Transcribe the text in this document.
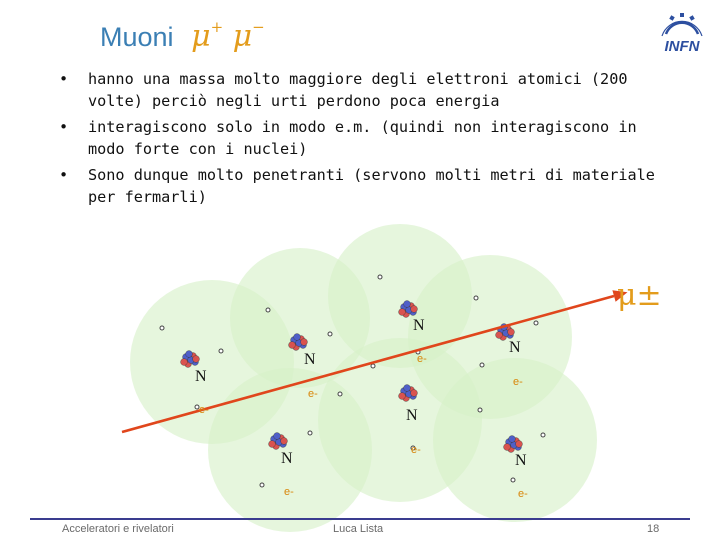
Muoni μ+ μ−
INFN
• hanno una massa molto maggiore degli elettroni atomici (200 volte) perciò negli urti perdono poca energia
• interagiscono solo in modo e.m. (quindi non interagiscono in modo forte con i nuclei)
• Sono dunque molto penetranti (servono molti metri di materiale per fermarli)
N
N
N
N
N
N	N
e-
e-
e-
e-
e-
e-	e-
μ±
Acceleratori e rivelatori	Luca Lista	18
